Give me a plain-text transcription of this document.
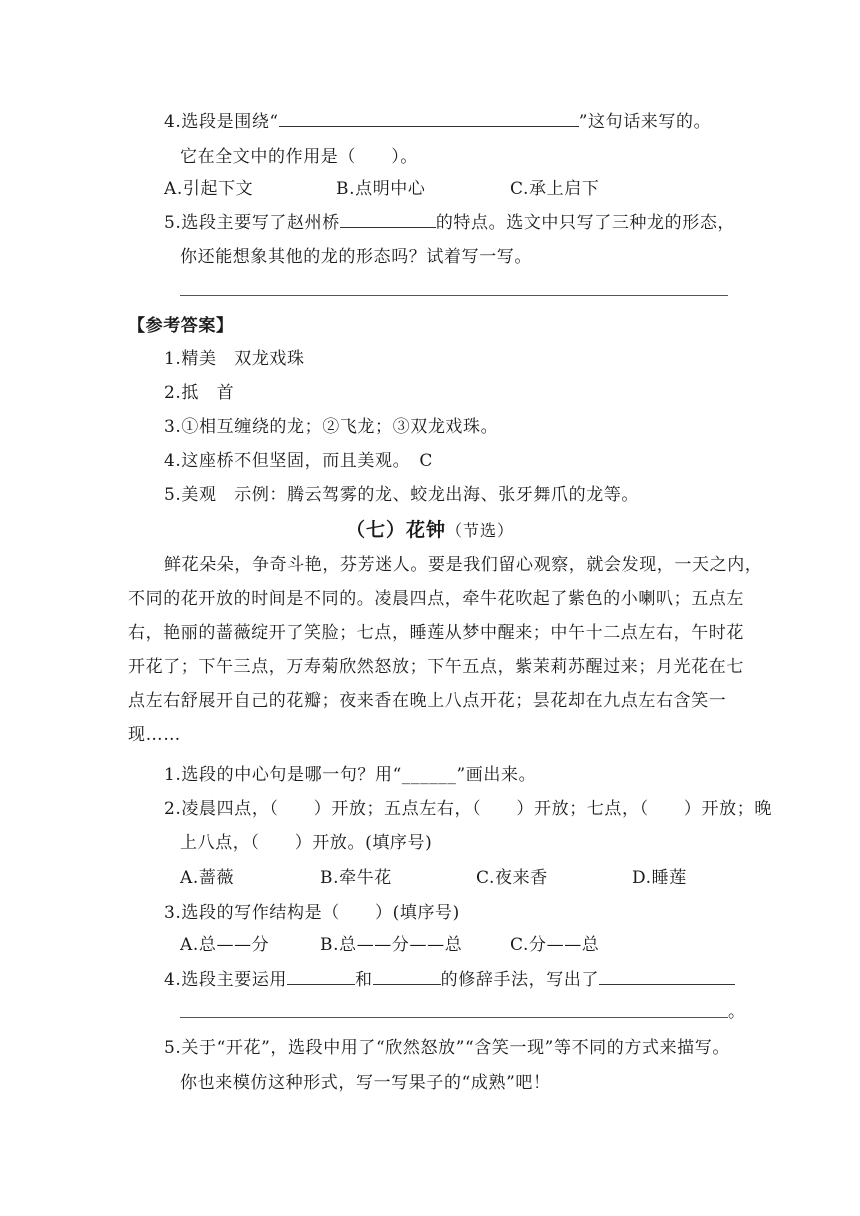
4.选段是围绕“	”这句话来写的。
它在全文中的作用是（　　）。
A.引起下文	B.点明中心	C.承上启下
5.选段主要写了赵州桥	的特点。选文中只写了三种龙的形态，
你还能想象其他的龙的形态吗？试着写一写。
【参考答案】
1.精美　双龙戏珠
2.抵　首
3.①相互缠绕的龙；②飞龙；③双龙戏珠。
4.这座桥不但坚固，而且美观。　C
5.美观　示例：腾云驾雾的龙、蛟龙出海、张牙舞爪的龙等。
（七）花钟（节选）
鲜花朵朵，争奇斗艳，芬芳迷人。要是我们留心观察，就会发现，一天之内，
不同的花开放的时间是不同的。凌晨四点，牵牛花吹起了紫色的小喇叭；五点左
右，艳丽的蔷薇绽开了笑脸；七点，睡莲从梦中醒来；中午十二点左右，午时花
开花了；下午三点，万寿菊欣然怒放；下午五点，紫茉莉苏醒过来；月光花在七
点左右舒展开自己的花瓣；夜来香在晚上八点开花；昙花却在九点左右含笑一
现……
1.选段的中心句是哪一句？用“______”画出来。
2.凌晨四点，（　　）开放；五点左右，（　　）开放；七点，（　　）开放；晚
上八点，（　　）开放。(填序号)
A.蔷薇	B.牵牛花	C.夜来香	D.睡莲
3.选段的写作结构是（　　）(填序号)
A.总——分	B.总——分——总	C.分——总
4.选段主要运用	和	的修辞手法，写出了
。
5.关于“开花”，选段中用了“欣然怒放”“含笑一现”等不同的方式来描写。
你也来模仿这种形式，写一写果子的“成熟”吧！
